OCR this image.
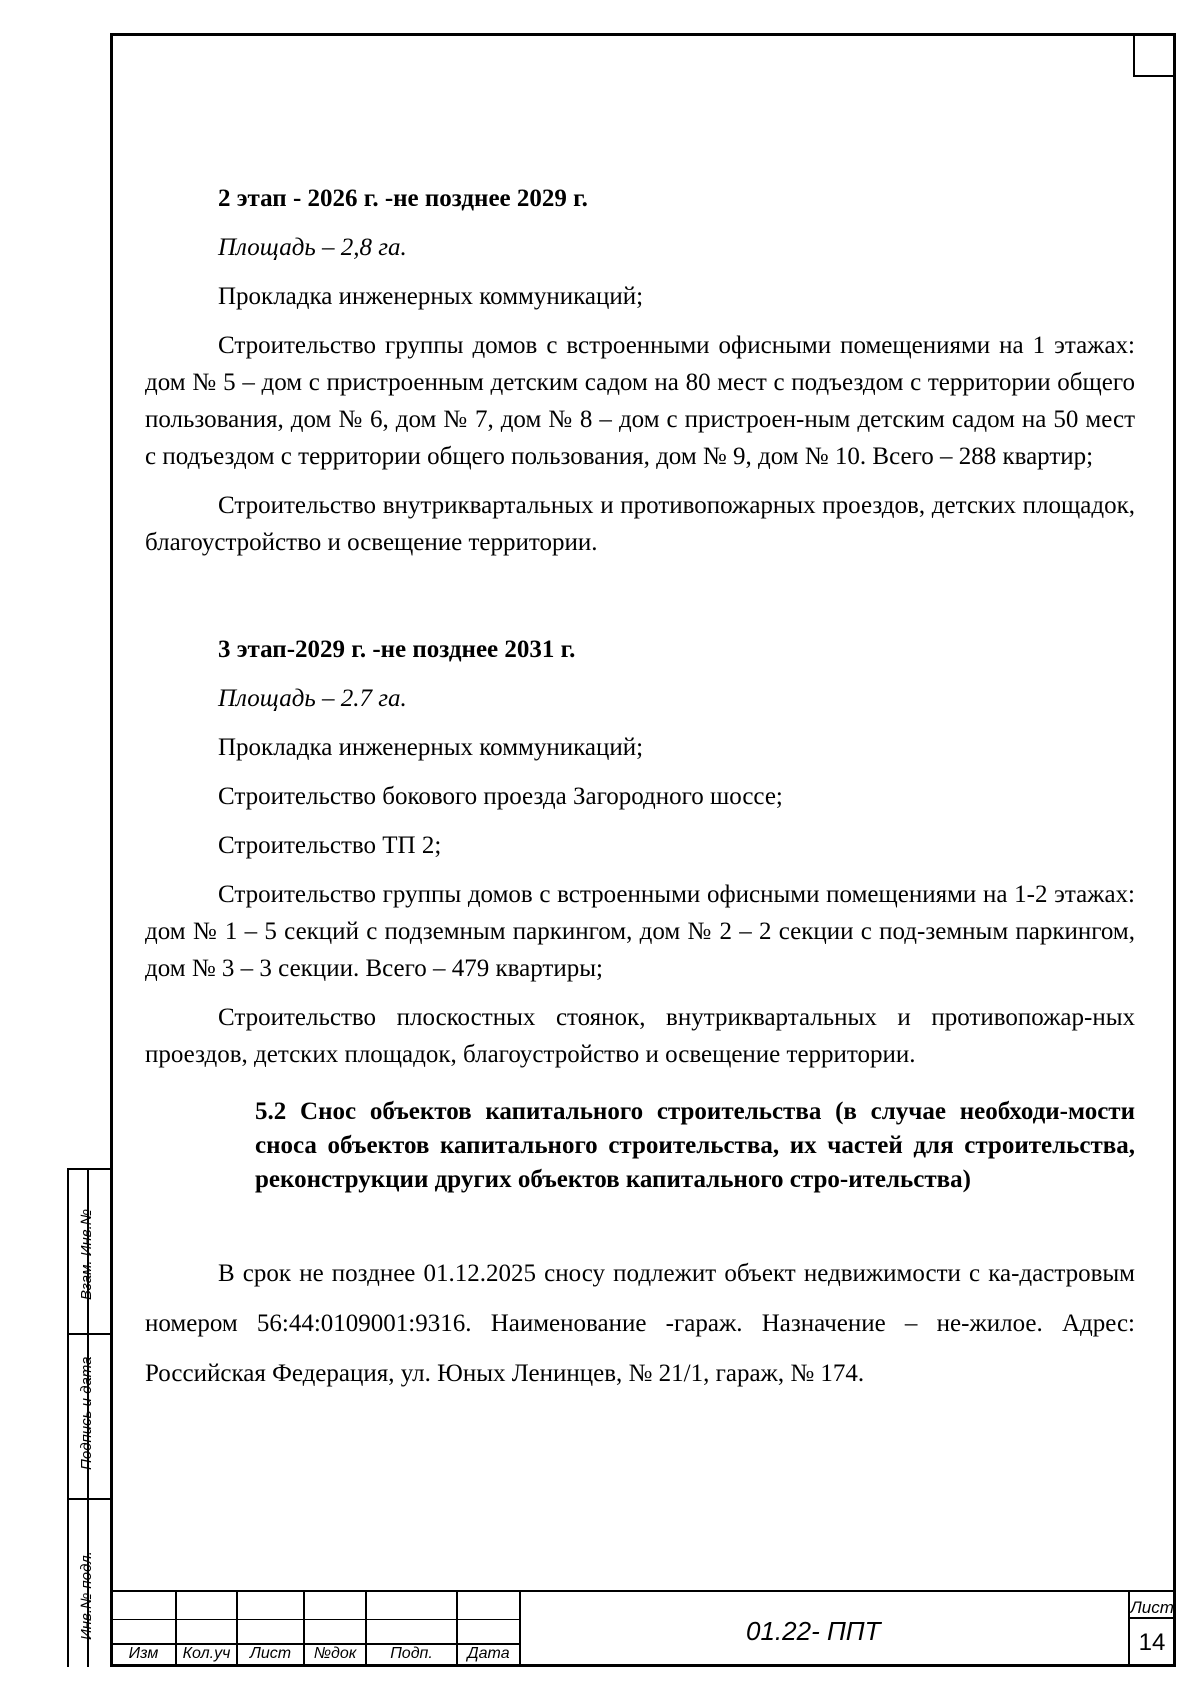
2 этап - 2026 г. -не позднее 2029 г.

Площадь – 2,8 га.

Прокладка инженерных коммуникаций;

Строительство группы домов с встроенными офисными помещениями на 1 этажах: дом № 5 – дом с пристроенным детским садом на 80 мест с подъездом с территории общего пользования, дом № 6, дом № 7, дом № 8 – дом с пристроен-ным детским садом на 50 мест с подъездом с территории общего пользования, дом № 9, дом № 10. Всего – 288 квартир;

Строительство внутриквартальных и противопожарных проездов, детских площадок, благоустройство и освещение территории.

3 этап-2029 г. -не позднее 2031 г.

Площадь – 2.7 га.

Прокладка инженерных коммуникаций;

Строительство бокового проезда Загородного шоссе;

Строительство ТП 2;

Строительство группы домов с встроенными офисными помещениями на 1-2 этажах: дом № 1 – 5 секций с подземным паркингом, дом № 2 – 2 секции с под-земным паркингом, дом № 3 – 3 секции. Всего – 479 квартиры;

Строительство плоскостных стоянок, внутриквартальных и противопожар-ных проездов, детских площадок, благоустройство и освещение территории.

5.2 Снос объектов капитального строительства (в случае необходи-мости сноса объектов капитального строительства, их частей для строительства, реконструкции других объектов капитального стро-ительства)

В срок не позднее 01.12.2025 сносу подлежит объект недвижимости с ка-дастровым номером 56:44:0109001:9316. Наименование -гараж. Назначение – не-жилое. Адрес: Российская Федерация, ул. Юных Ленинцев, № 21/1, гараж, № 174.

Взам. Инв.№
Подпись и дата
Инв.№ подл.
Изм	Кол.уч	Лист	№док	Подп.	Дата
01.22- ППТ
Лист
14
